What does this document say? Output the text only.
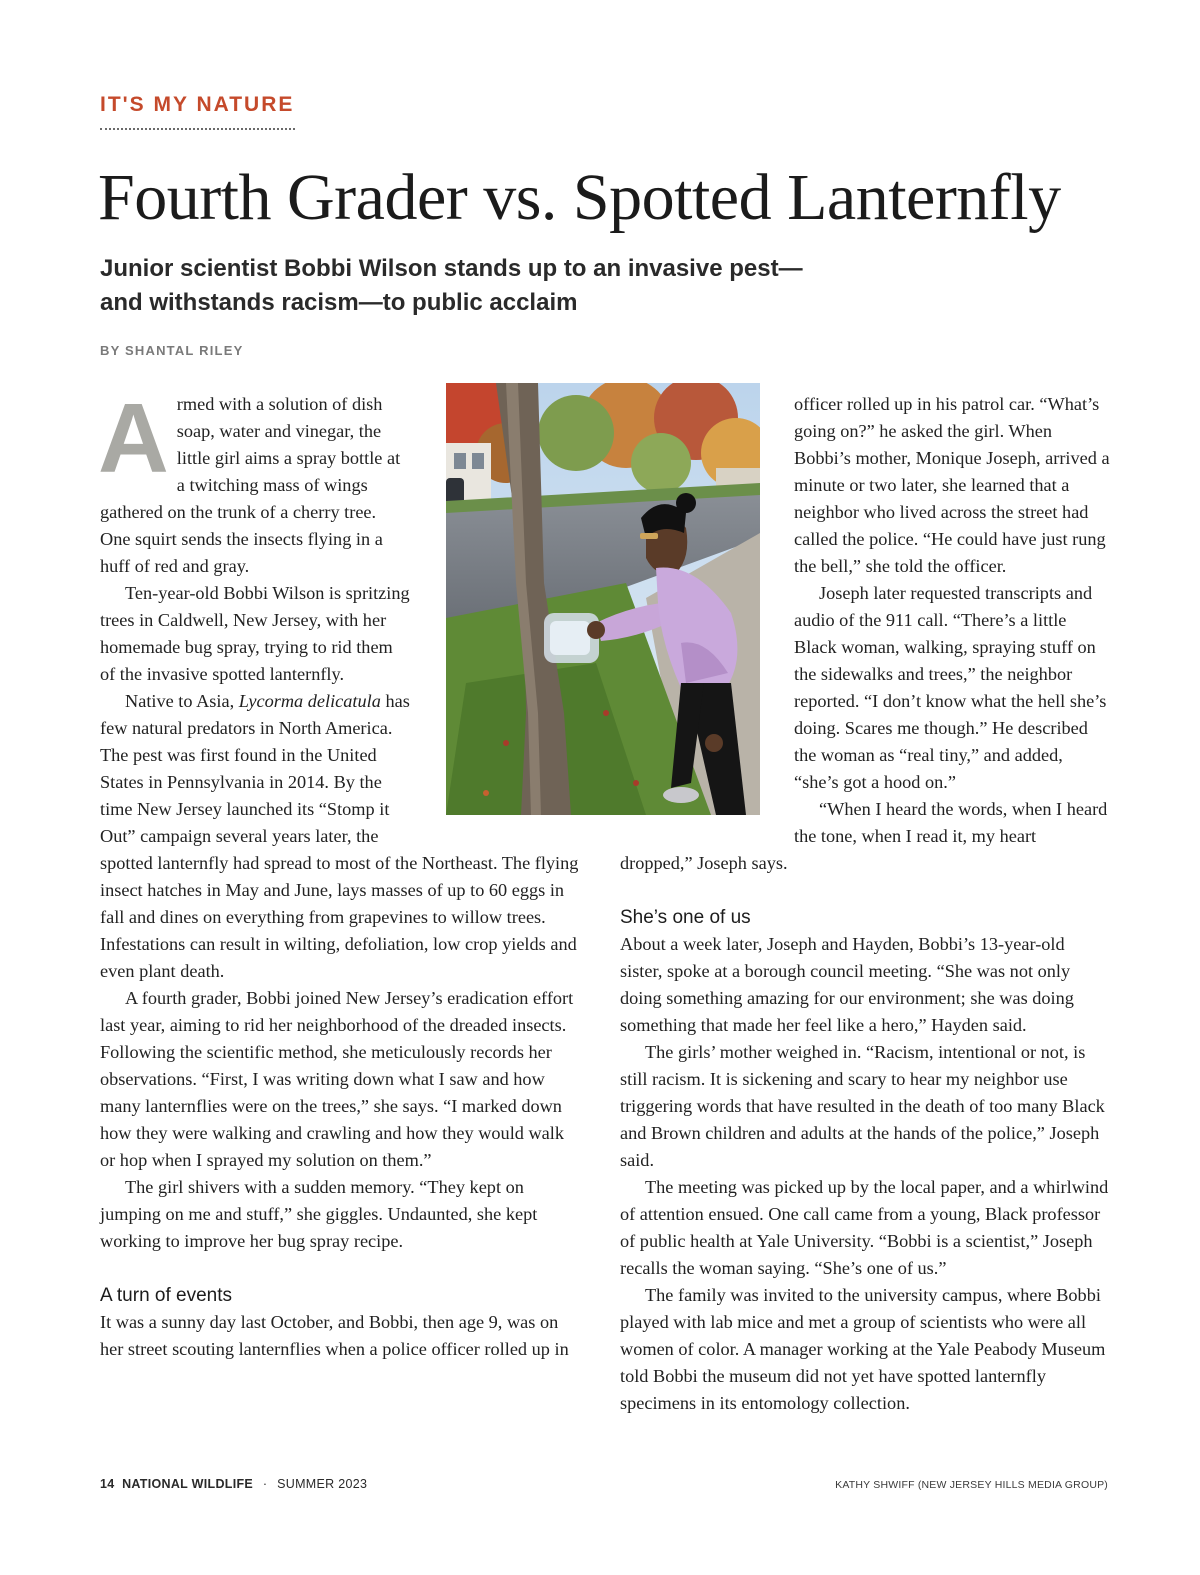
IT'S MY NATURE
Fourth Grader vs. Spotted Lanternfly
Junior scientist Bobbi Wilson stands up to an invasive pest—
and withstands racism—to public acclaim
BY SHANTAL RILEY

Armed with a solution of dish soap, water and vinegar, the little girl aims a spray bottle at a twitching mass of wings gathered on the trunk of a cherry tree. One squirt sends the insects flying in a huff of red and gray.

Ten-year-old Bobbi Wilson is spritzing trees in Caldwell, New Jersey, with her homemade bug spray, trying to rid them of the invasive spotted lanternfly.

Native to Asia, Lycorma delicatula has few natural predators in North America. The pest was first found in the United States in Pennsylvania in 2014. By the time New Jersey launched its “Stomp it Out” campaign several years later, the spotted lanternfly had spread to most of the Northeast. The flying insect hatches in May and June, lays masses of up to 60 eggs in fall and dines on everything from grapevines to willow trees. Infestations can result in wilting, defoliation, low crop yields and even plant death.

A fourth grader, Bobbi joined New Jersey’s eradication effort last year, aiming to rid her neighborhood of the dreaded insects. Following the scientific method, she meticulously records her observations. “First, I was writing down what I saw and how many lanternflies were on the trees,” she says. “I marked down how they were walking and crawling and how they would walk or hop when I sprayed my solution on them.”

The girl shivers with a sudden memory. “They kept on jumping on me and stuff,” she giggles. Undaunted, she kept working to improve her bug spray recipe.

A turn of events

It was a sunny day last October, and Bobbi, then age 9, was on her street scouting lanternflies when a police officer rolled up in

officer rolled up in his patrol car. “What’s going on?” he asked the girl. When Bobbi’s mother, Monique Joseph, arrived a minute or two later, she learned that a neighbor who lived across the street had called the police. “He could have just rung the bell,” she told the officer.

Joseph later requested transcripts and audio of the 911 call. “There’s a little Black woman, walking, spraying stuff on the sidewalks and trees,” the neighbor reported. “I don’t know what the hell she’s doing. Scares me though.” He described the woman as “real tiny,” and added, “she’s got a hood on.”

“When I heard the words, when I heard the tone, when I read it, my heart dropped,” Joseph says.

She’s one of us

About a week later, Joseph and Hayden, Bobbi’s 13-year-old sister, spoke at a borough council meeting. “She was not only doing something amazing for our environment; she was doing something that made her feel like a hero,” Hayden said.

The girls’ mother weighed in. “Racism, intentional or not, is still racism. It is sickening and scary to hear my neighbor use triggering words that have resulted in the death of too many Black and Brown children and adults at the hands of the police,” Joseph said.

The meeting was picked up by the local paper, and a whirlwind of attention ensued. One call came from a young, Black professor of public health at Yale University. “Bobbi is a scientist,” Joseph recalls the woman saying. “She’s one of us.”

The family was invited to the university campus, where Bobbi played with lab mice and met a group of scientists who were all women of color. A manager working at the Yale Peabody Museum told Bobbi the museum did not yet have spotted lanternfly specimens in its entomology collection.

14 NATIONAL WILDLIFE · SUMMER 2023	KATHY SHWIFF (NEW JERSEY HILLS MEDIA GROUP)
